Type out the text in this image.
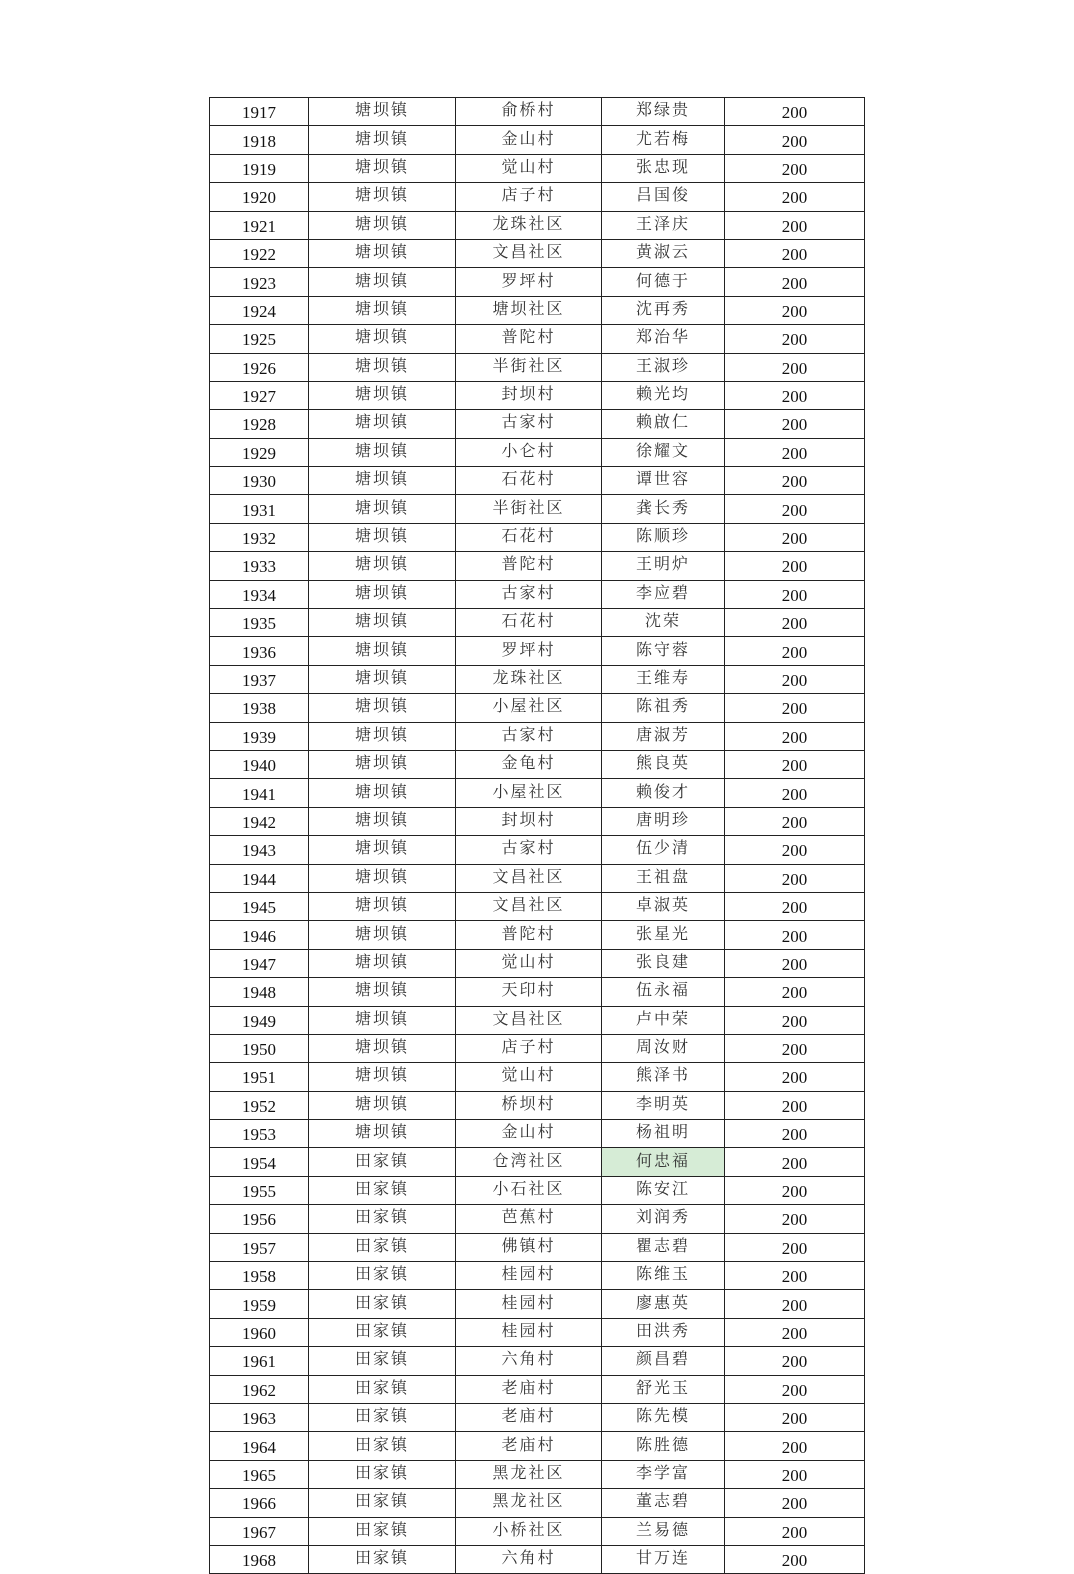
1917	塘坝镇	俞桥村	郑绿贵	200
1918	塘坝镇	金山村	尤若梅	200
1919	塘坝镇	觉山村	张忠现	200
1920	塘坝镇	店子村	吕国俊	200
1921	塘坝镇	龙珠社区	王泽庆	200
1922	塘坝镇	文昌社区	黄淑云	200
1923	塘坝镇	罗坪村	何德于	200
1924	塘坝镇	塘坝社区	沈再秀	200
1925	塘坝镇	普陀村	郑治华	200
1926	塘坝镇	半街社区	王淑珍	200
1927	塘坝镇	封坝村	赖光均	200
1928	塘坝镇	古家村	赖啟仁	200
1929	塘坝镇	小仑村	徐耀文	200
1930	塘坝镇	石花村	谭世容	200
1931	塘坝镇	半街社区	龚长秀	200
1932	塘坝镇	石花村	陈顺珍	200
1933	塘坝镇	普陀村	王明炉	200
1934	塘坝镇	古家村	李应碧	200
1935	塘坝镇	石花村	沈荣	200
1936	塘坝镇	罗坪村	陈守蓉	200
1937	塘坝镇	龙珠社区	王维寿	200
1938	塘坝镇	小屋社区	陈祖秀	200
1939	塘坝镇	古家村	唐淑芳	200
1940	塘坝镇	金龟村	熊良英	200
1941	塘坝镇	小屋社区	赖俊才	200
1942	塘坝镇	封坝村	唐明珍	200
1943	塘坝镇	古家村	伍少清	200
1944	塘坝镇	文昌社区	王祖盘	200
1945	塘坝镇	文昌社区	卓淑英	200
1946	塘坝镇	普陀村	张星光	200
1947	塘坝镇	觉山村	张良建	200
1948	塘坝镇	天印村	伍永福	200
1949	塘坝镇	文昌社区	卢中荣	200
1950	塘坝镇	店子村	周汝财	200
1951	塘坝镇	觉山村	熊泽书	200
1952	塘坝镇	桥坝村	李明英	200
1953	塘坝镇	金山村	杨祖明	200
1954	田家镇	仓湾社区	何忠福	200
1955	田家镇	小石社区	陈安江	200
1956	田家镇	芭蕉村	刘润秀	200
1957	田家镇	佛镇村	瞿志碧	200
1958	田家镇	桂园村	陈维玉	200
1959	田家镇	桂园村	廖惠英	200
1960	田家镇	桂园村	田洪秀	200
1961	田家镇	六角村	颜昌碧	200
1962	田家镇	老庙村	舒光玉	200
1963	田家镇	老庙村	陈先模	200
1964	田家镇	老庙村	陈胜德	200
1965	田家镇	黑龙社区	李学富	200
1966	田家镇	黑龙社区	董志碧	200
1967	田家镇	小桥社区	兰易德	200
1968	田家镇	六角村	甘万连	200
